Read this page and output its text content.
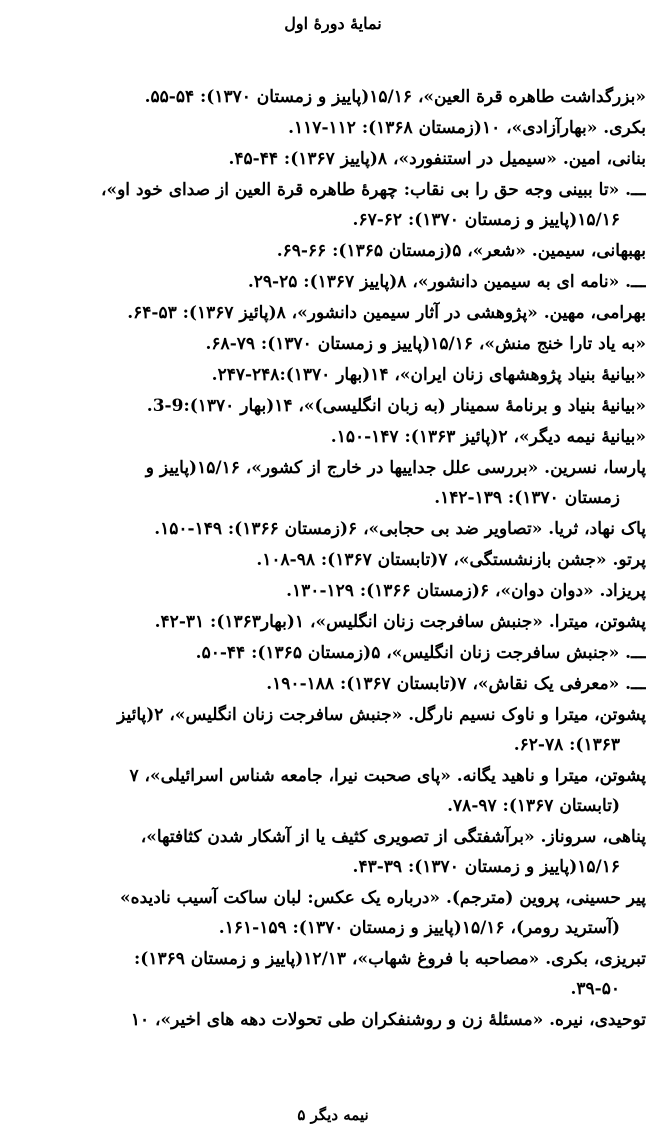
نمایهٔ دورهٔ اول
«بزرگداشت طاهره قرة العین»، ۱۵/۱۶(پاییز و زمستان ۱۳۷۰): ۵۴-۵۵.
بکری. «بهارآزادی»، ۱۰(زمستان ۱۳۶۸): ۱۱۲-۱۱۷.
بنانی، امین. «سیمیل در استنفورد»، ۸(پاییز ۱۳۶۷): ۴۴-۴۵.
ـــ. «تا ببینی وجه حق را بی نقاب: چهرهٔ طاهره قرة العین از صدای خود او»،
۱۵/۱۶(پاییز و زمستان ۱۳۷۰): ۶۲-۶۷.
بهبهانی، سیمین. «شعر»، ۵(زمستان ۱۳۶۵): ۶۶-۶۹.
ـــ. «نامه ای به سیمین دانشور»، ۸(پاییز ۱۳۶۷): ۲۵-۲۹.
بهرامی، مهین. «پژوهشی در آثار سیمین دانشور»، ۸(پائیز ۱۳۶۷): ۵۳-۶۴.
«به یاد تارا خنج منش»، ۱۵/۱۶(پاییز و زمستان ۱۳۷۰): ۷۹-۶۸.
«بیانیهٔ بنیاد پژوهشهای زنان ایران»، ۱۴(بهار ۱۳۷۰):۲۴۸-۲۴۷.
«بیانیهٔ بنیاد و برنامهٔ سمینار (به زبان انگلیسی)»، ۱۴(بهار ۱۳۷۰):9-3.
«بیانیهٔ نیمه دیگر»، ۲(پائیز ۱۳۶۳): ۱۴۷-۱۵۰.
پارسا، نسرین. «بررسی علل جداییها در خارج از کشور»، ۱۵/۱۶(پاییز و
زمستان ۱۳۷۰): ۱۳۹-۱۴۲.
پاک نهاد، ثریا. «تصاویر ضد بی حجابی»، ۶(زمستان ۱۳۶۶): ۱۴۹-۱۵۰.
پرتو. «جشن بازنشستگی»، ۷(تابستان ۱۳۶۷): ۹۸-۱۰۸.
پریزاد. «دوان دوان»، ۶(زمستان ۱۳۶۶): ۱۲۹-۱۳۰.
پشوتن، میترا. «جنبش سافرجت زنان انگلیس»، ۱(بهار۱۳۶۳): ۳۱-۴۲.
ـــ. «جنبش سافرجت زنان انگلیس»، ۵(زمستان ۱۳۶۵): ۴۴-۵۰.
ـــ. «معرفی یک نقاش»، ۷(تابستان ۱۳۶۷): ۱۸۸-۱۹۰.
پشوتن، میترا و ناوک نسیم نارگل. «جنبش سافرجت زنان انگلیس»، ۲(پائیز
۱۳۶۳): ۶۲-۷۸.
پشوتن، میترا و ناهید یگانه. «پای صحبت نیرا، جامعه شناس اسرائیلی»، ۷
(تابستان ۱۳۶۷): ۹۷-۷۸.
پناهی، سروناز. «برآشفتگی از تصویری کثیف یا از آشکار شدن کثافتها»،
۱۵/۱۶(پاییز و زمستان ۱۳۷۰): ۳۹-۴۳.
پیر حسینی، پروین (مترجم). «درباره یک عکس: لبان ساکت آسیب نادیده»
(آسترید رومر)، ۱۵/۱۶(پاییز و زمستان ۱۳۷۰): ۱۵۹-۱۶۱.
تبریزی، بکری. «مصاحبه با فروغ شهاب»، ۱۲/۱۳(پاییز و زمستان ۱۳۶۹):
۳۹-۵۰.
توحیدی، نیره. «مسئلهٔ زن و روشنفکران طی تحولات دهه های اخیر»، ۱۰
نیمه دیگر ۵
